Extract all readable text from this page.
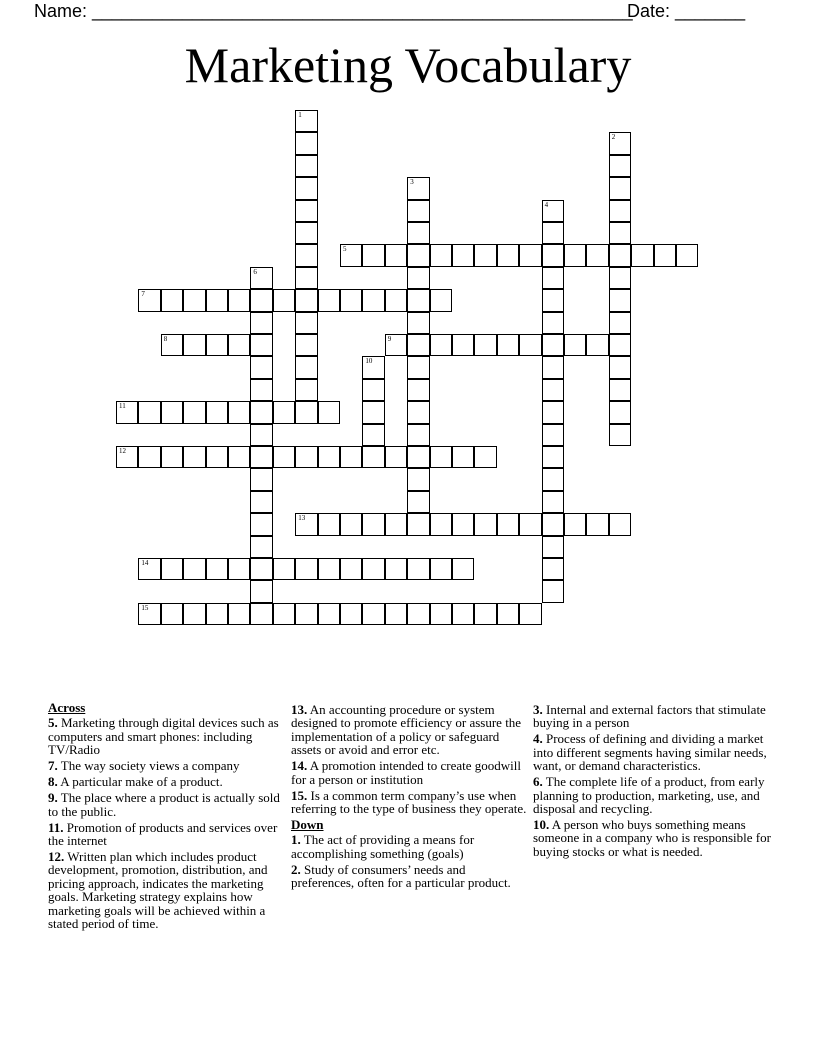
Name: ______________________________________________________
Date: _______
Marketing Vocabulary
1
2
3
4
5
6
7
8	9
10
11
12
13
14
15
Across

5. Marketing through digital devices such as computers and smart phones: including TV/Radio

7. The way society views a company

8. A particular make of a product.

9. The place where a product is actually sold to the public.

11. Promotion of products and services over the internet

12. Written plan which includes product development, promotion, distribution, and pricing approach, indicates the marketing goals. Marketing strategy explains how marketing goals will be achieved within a stated period of time.

13. An accounting procedure or system designed to promote efficiency or assure the implementation of a policy or safeguard assets or avoid and error etc.

14. A promotion intended to create goodwill for a person or institution

15. Is a common term company’s use when referring to the type of business they operate.

Down

1. The act of providing a means for accomplishing something (goals)

2. Study of consumers’ needs and preferences, often for a particular product.

3. Internal and external factors that stimulate buying in a person

4. Process of defining and dividing a market into different segments having similar needs, want, or demand characteristics.

6. The complete life of a product, from early planning to production, marketing, use, and disposal and recycling.

10. A person who buys something means someone in a company who is responsible for buying stocks or what is needed.
